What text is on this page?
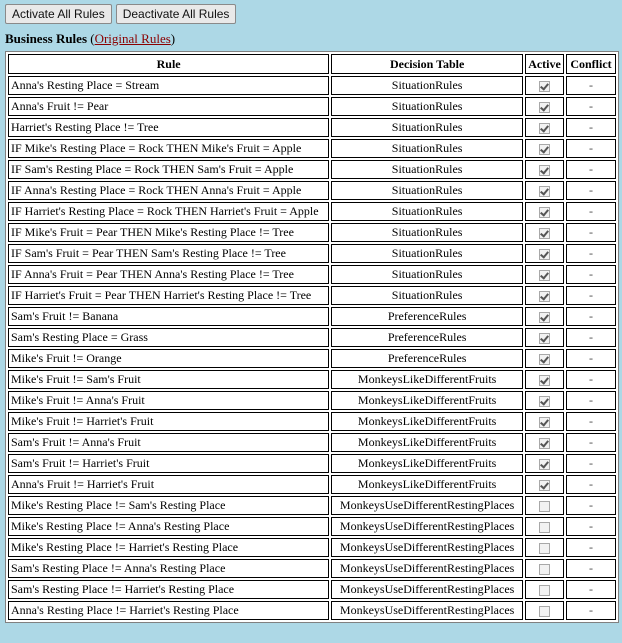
Activate All Rules	Deactivate All Rules
Business Rules (Original Rules)
Rule	Decision Table	Active	Conflict
Anna's Resting Place = Stream	SituationRules		-
Anna's Fruit != Pear	SituationRules		-
Harriet's Resting Place != Tree	SituationRules		-
IF Mike's Resting Place = Rock THEN Mike's Fruit = Apple	SituationRules		-
IF Sam's Resting Place = Rock THEN Sam's Fruit = Apple	SituationRules		-
IF Anna's Resting Place = Rock THEN Anna's Fruit = Apple	SituationRules		-
IF Harriet's Resting Place = Rock THEN Harriet's Fruit = Apple	SituationRules		-
IF Mike's Fruit = Pear THEN Mike's Resting Place != Tree	SituationRules		-
IF Sam's Fruit = Pear THEN Sam's Resting Place != Tree	SituationRules		-
IF Anna's Fruit = Pear THEN Anna's Resting Place != Tree	SituationRules		-
IF Harriet's Fruit = Pear THEN Harriet's Resting Place != Tree	SituationRules		-
Sam's Fruit != Banana	PreferenceRules		-
Sam's Resting Place = Grass	PreferenceRules		-
Mike's Fruit != Orange	PreferenceRules		-
Mike's Fruit != Sam's Fruit	MonkeysLikeDifferentFruits		-
Mike's Fruit != Anna's Fruit	MonkeysLikeDifferentFruits		-
Mike's Fruit != Harriet's Fruit	MonkeysLikeDifferentFruits		-
Sam's Fruit != Anna's Fruit	MonkeysLikeDifferentFruits		-
Sam's Fruit != Harriet's Fruit	MonkeysLikeDifferentFruits		-
Anna's Fruit != Harriet's Fruit	MonkeysLikeDifferentFruits		-
Mike's Resting Place != Sam's Resting Place	MonkeysUseDifferentRestingPlaces		-
Mike's Resting Place != Anna's Resting Place	MonkeysUseDifferentRestingPlaces		-
Mike's Resting Place != Harriet's Resting Place	MonkeysUseDifferentRestingPlaces		-
Sam's Resting Place != Anna's Resting Place	MonkeysUseDifferentRestingPlaces		-
Sam's Resting Place != Harriet's Resting Place	MonkeysUseDifferentRestingPlaces		-
Anna's Resting Place != Harriet's Resting Place	MonkeysUseDifferentRestingPlaces		-
